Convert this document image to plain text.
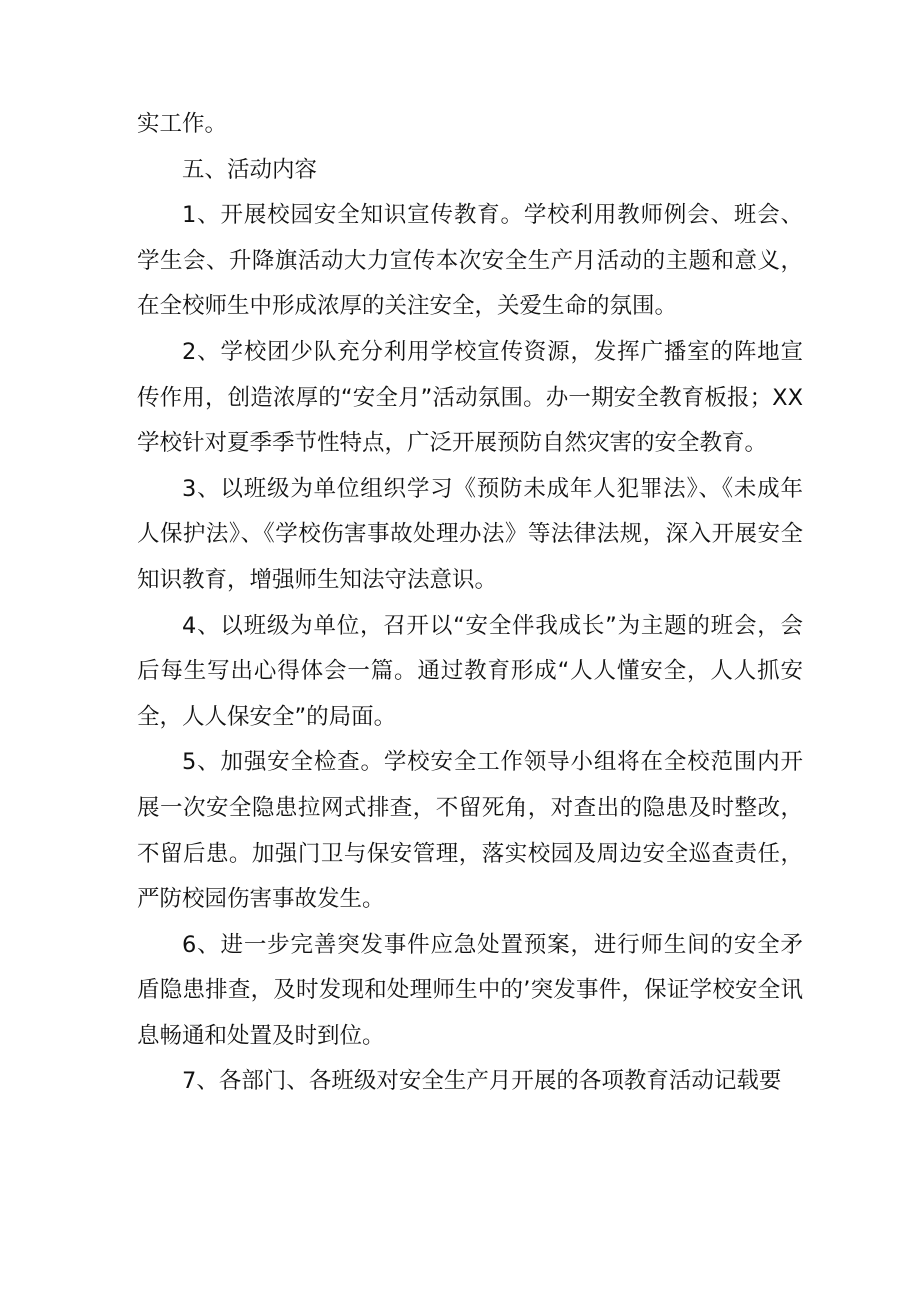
实工作。

五、活动内容

1、开展校园安全知识宣传教育。学校利用教师例会、班会、学生会、升降旗活动大力宣传本次安全生产月活动的主题和意义，在全校师生中形成浓厚的关注安全，关爱生命的氛围。

2、学校团少队充分利用学校宣传资源，发挥广播室的阵地宣传作用，创造浓厚的“安全月”活动氛围。办一期安全教育板报；XX学校针对夏季季节性特点，广泛开展预防自然灾害的安全教育。

3、以班级为单位组织学习《预防未成年人犯罪法》、《未成年人保护法》、《学校伤害事故处理办法》等法律法规，深入开展安全知识教育，增强师生知法守法意识。

4、以班级为单位，召开以“安全伴我成长”为主题的班会，会后每生写出心得体会一篇。通过教育形成“人人懂安全，人人抓安全，人人保安全”的局面。

5、加强安全检查。学校安全工作领导小组将在全校范围内开展一次安全隐患拉网式排查，不留死角，对查出的隐患及时整改，不留后患。加强门卫与保安管理，落实校园及周边安全巡查责任，严防校园伤害事故发生。

6、进一步完善突发事件应急处置预案，进行师生间的安全矛盾隐患排查，及时发现和处理师生中的’突发事件，保证学校安全讯息畅通和处置及时到位。

7、各部门、各班级对安全生产月开展的各项教育活动记载要
